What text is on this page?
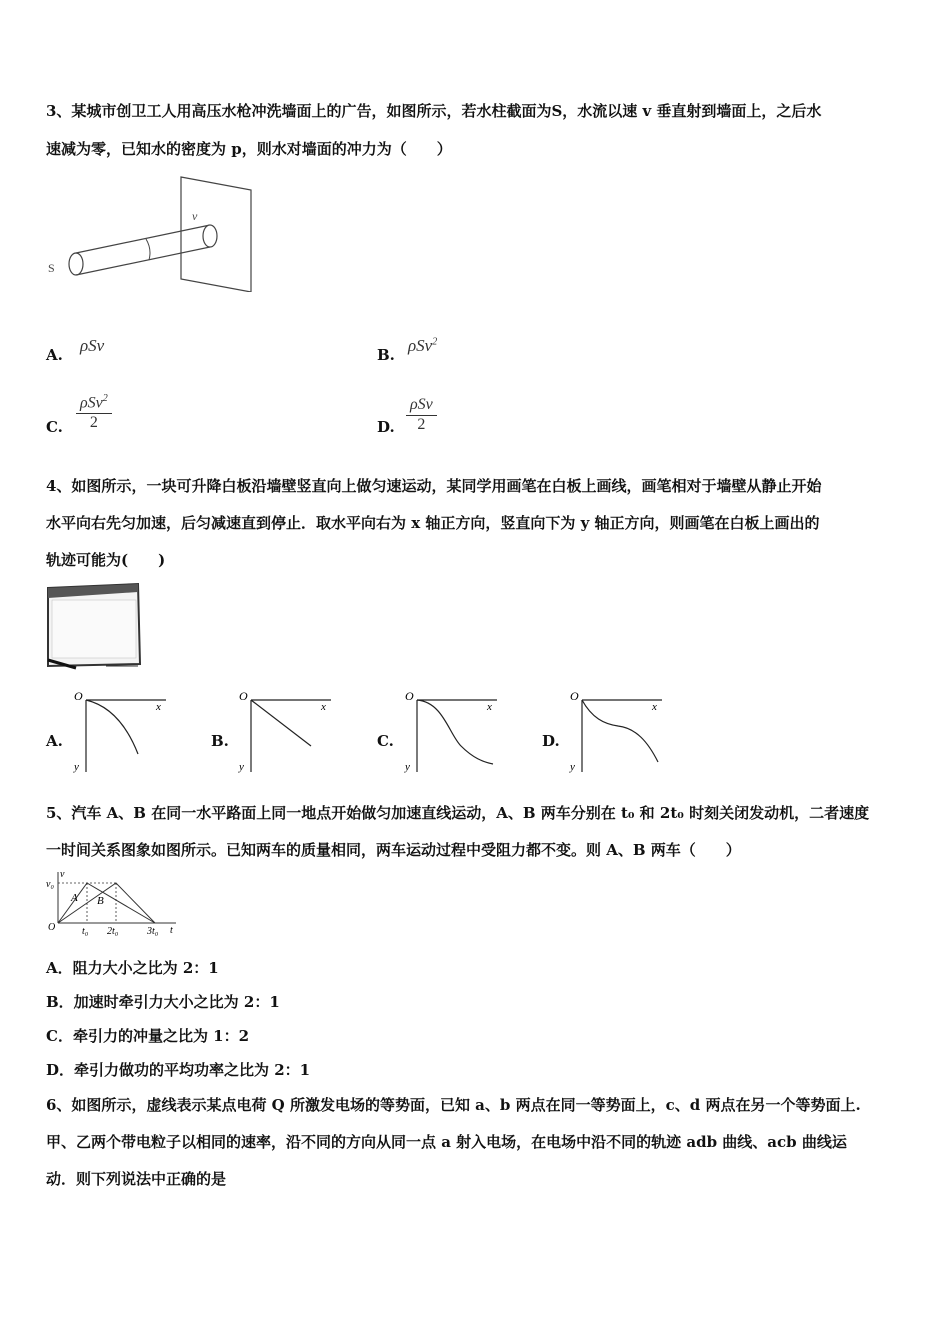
3、某城市创卫工人用高压水枪冲洗墙面上的广告，如图所示，若水柱截面为S，水流以速 v 垂直射到墙面上，之后水
速减为零，已知水的密度为 p，则水对墙面的冲力为（　　）
S
v
A. ρSv	B. ρSv$^2$
C.
ρSv$^2$
2	D.
ρSv
2
4、如图所示，一块可升降白板沿墙壁竖直向上做匀速运动，某同学用画笔在白板上画线，画笔相对于墙壁从静止开始
水平向右先匀加速，后匀减速直到停止．取水平向右为 x 轴正方向，竖直向下为 y 轴正方向，则画笔在白板上画出的
轨迹可能为(　　)
A.
O
x
y
B.
O
x
y
C.
O
x
y
D.
O
x
y
5、汽车 A、B 在同一水平路面上同一地点开始做匀加速直线运动，A、B 两车分别在 t₀ 和 2t₀ 时刻关闭发动机，二者速度
一时间关系图象如图所示。已知两车的质量相同，两车运动过程中受阻力都不变。则 A、B 两车（　　）
v
v₀
O
A B
t₀ 2t₀	3t₀ t
A．阻力大小之比为 2：1
B．加速时牵引力大小之比为 2：1
C．牵引力的冲量之比为 1：2
D．牵引力做功的平均功率之比为 2：1
6、如图所示，虚线表示某点电荷 Q 所激发电场的等势面，已知 a、b 两点在同一等势面上，c、d 两点在另一个等势面上.
甲、乙两个带电粒子以相同的速率，沿不同的方向从同一点 a 射入电场，在电场中沿不同的轨迹 adb 曲线、acb 曲线运
动．则下列说法中正确的是
